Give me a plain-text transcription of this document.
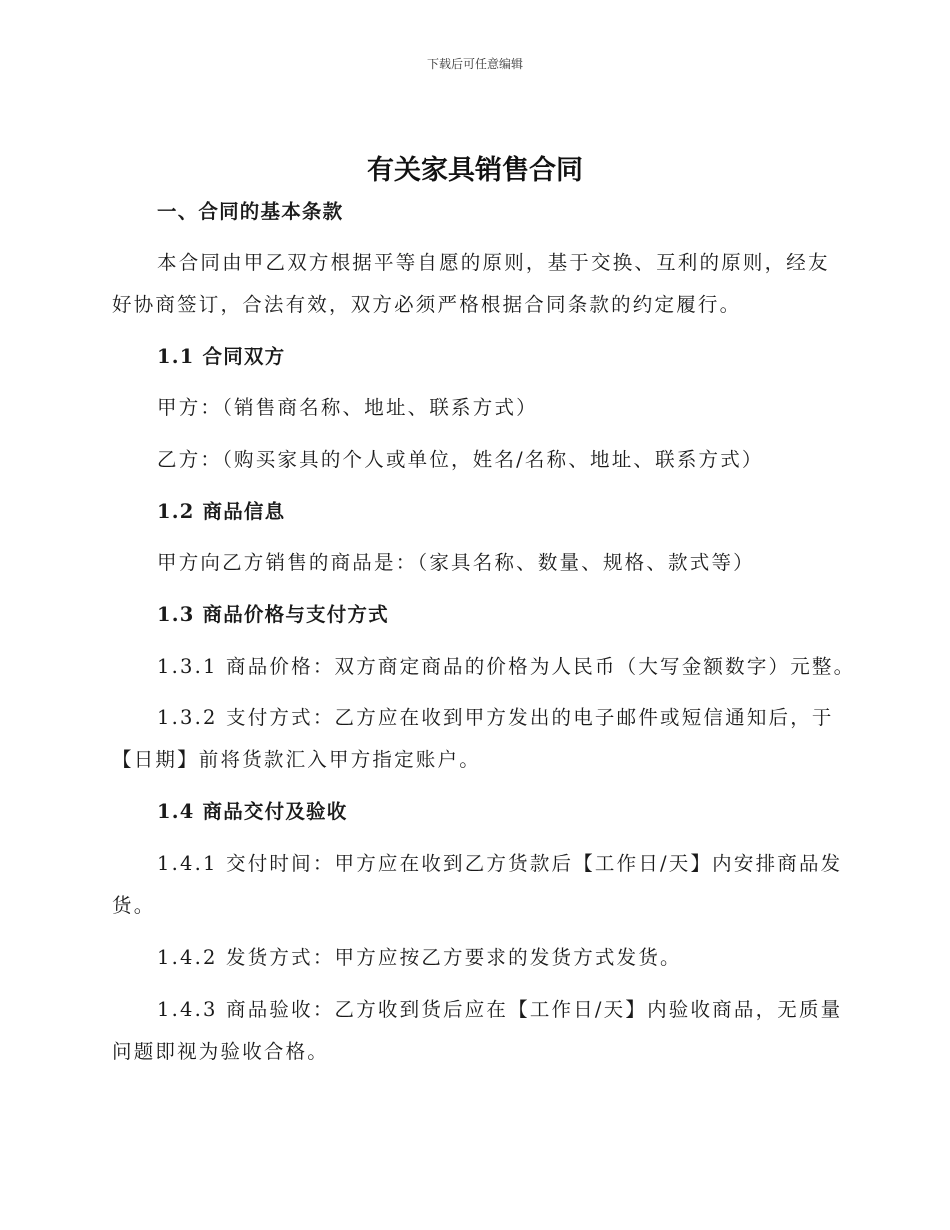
下载后可任意编辑
有关家具销售合同
一、合同的基本条款
本合同由甲乙双方根据平等自愿的原则，基于交换、互利的原则，经友
好协商签订，合法有效，双方必须严格根据合同条款的约定履行。
1.1 合同双方
甲方：（销售商名称、地址、联系方式）
乙方：（购买家具的个人或单位，姓名/名称、地址、联系方式）
1.2 商品信息
甲方向乙方销售的商品是：（家具名称、数量、规格、款式等）
1.3 商品价格与支付方式
1.3.1 商品价格：双方商定商品的价格为人民币（大写金额数字）元整。
1.3.2 支付方式：乙方应在收到甲方发出的电子邮件或短信通知后，于
【日期】前将货款汇入甲方指定账户。
1.4 商品交付及验收
1.4.1 交付时间：甲方应在收到乙方货款后【工作日/天】内安排商品发
货。
1.4.2 发货方式：甲方应按乙方要求的发货方式发货。
1.4.3 商品验收：乙方收到货后应在【工作日/天】内验收商品，无质量
问题即视为验收合格。
